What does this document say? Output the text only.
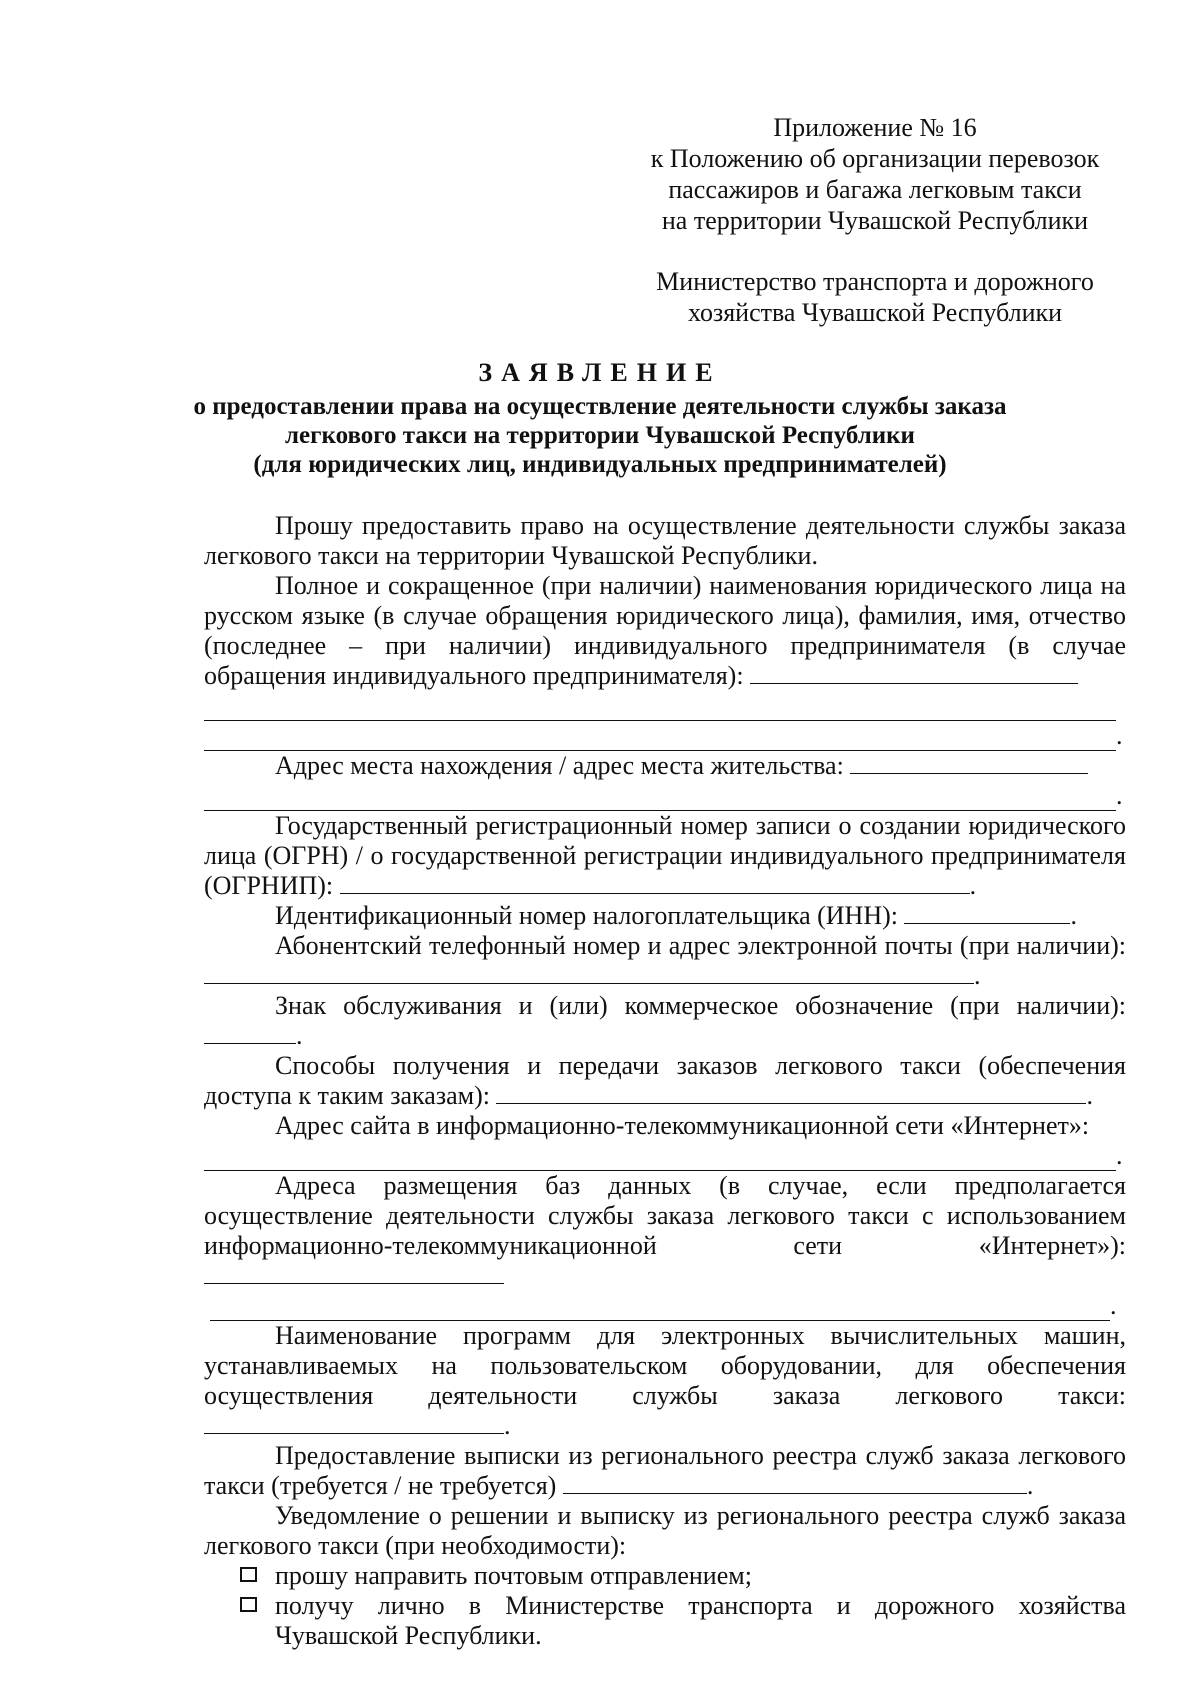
Приложение № 16
к Положению об организации перевозок
пассажиров и багажа легковым такси
на территории Чувашской Республики
Министерство транспорта и дорожного
хозяйства Чувашской Республики
ЗАЯВЛЕНИЕ
о предоставлении права на осуществление деятельности службы заказа
легкового такси на территории Чувашской Республики
(для юридических лиц, индивидуальных предпринимателей)

Прошу предоставить право на осуществление деятельности службы заказа легкового такси на территории Чувашской Республики.

Полное и сокращенное (при наличии) наименования юридического лица на русском языке (в случае обращения юридического лица), фамилия, имя, отчество (последнее – при наличии) индивидуального предпринимателя (в случае обращения индивидуального предпринимателя):

.

Адрес места нахождения / адрес места жительства:

.

Государственный регистрационный номер записи о создании юридического лица (ОГРН) / о государственной регистрации индивидуального предпринимателя (ОГРНИП):	.

Идентификационный номер налогоплательщика (ИНН):	.

Абонентский телефонный номер и адрес электронной почты (при наличии): .

Знак обслуживания и (или) коммерческое обозначение (при наличии): .

Способы получения и передачи заказов легкового такси (обеспечения доступа к таким заказам):	.

Адрес сайта в информационно-телекоммуникационной сети «Интернет»:

.

Адреса размещения баз данных (в случае, если предполагается осуществление деятельности службы заказа легкового такси с использованием информационно-телекоммуникационной сети «Интернет»):

.

Наименование программ для электронных вычислительных машин, устанавливаемых на пользовательском оборудовании, для обеспечения осуществления деятельности службы заказа легкового такси: .

Предоставление выписки из регионального реестра служб заказа легкового такси (требуется / не требуется)	.

Уведомление о решении и выписку из регионального реестра служб заказа легкового такси (при необходимости):

прошу направить почтовым отправлением;
получу лично в Министерстве транспорта и дорожного хозяйства Чувашской Республики.
